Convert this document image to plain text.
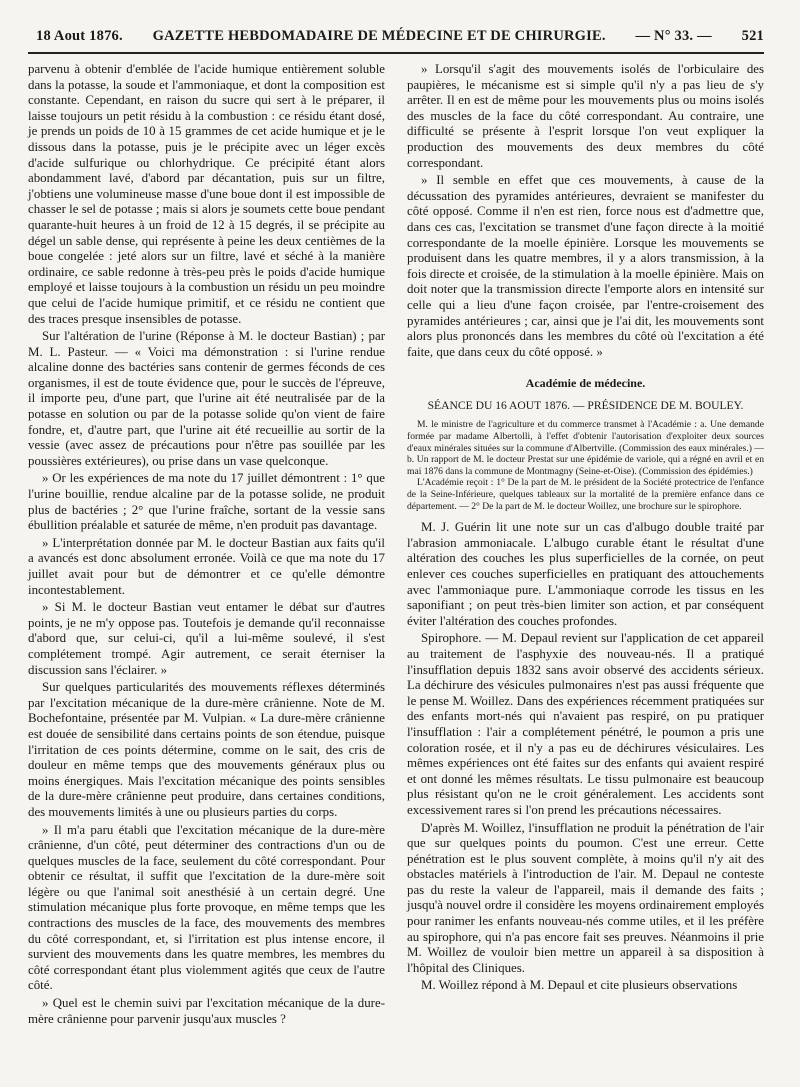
18 Aout 1876. GAZETTE HEBDOMADAIRE DE MÉDECINE ET DE CHIRURGIE. — N° 33. — 521

parvenu à obtenir d'emblée de l'acide humique entièrement soluble dans la potasse, la soude et l'ammoniaque, et dont la composition est constante. Cependant, en raison du sucre qui sert à le préparer, il laisse toujours un petit résidu à la combustion : ce résidu étant dosé, je prends un poids de 10 à 15 grammes de cet acide humique et je le dissous dans la potasse, puis je le précipite avec un léger excès d'acide sulfurique ou chlorhydrique. Ce précipité étant alors abondamment lavé, d'abord par décantation, puis sur un filtre, j'obtiens une volumineuse masse d'une boue dont il est impossible de chasser le sel de potasse ; mais si alors je soumets cette boue pendant quarante-huit heures à un froid de 12 à 15 degrés, il se précipite au dégel un sable dense, qui représente à peine les deux centièmes de la boue congelée : jeté alors sur un filtre, lavé et séché à la manière ordinaire, ce sable redonne à très-peu près le poids d'acide humique employé et laisse toujours à la combustion un résidu un peu moindre que celui de l'acide humique primitif, et ce résidu ne contient que des traces presque insensibles de potasse.

Sur l'altération de l'urine (Réponse à M. le docteur Bastian) ; par M. L. Pasteur. — « Voici ma démonstration : si l'urine rendue alcaline donne des bactéries sans contenir de germes féconds de ces organismes, il est de toute évidence que, pour le succès de l'épreuve, il importe peu, d'une part, que l'urine ait été neutralisée par de la potasse en solution ou par de la potasse solide qu'on vient de faire fondre, et, d'autre part, que l'urine ait été recueillie au sortir de la vessie (avec assez de précautions pour n'être pas souillée par les poussières extérieures), ou prise dans un vase quelconque.

» Or les expériences de ma note du 17 juillet démontrent : 1° que l'urine bouillie, rendue alcaline par de la potasse solide, ne produit plus de bactéries ; 2° que l'urine fraîche, sortant de la vessie sans ébullition préalable et saturée de même, n'en produit pas davantage.

» L'interprétation donnée par M. le docteur Bastian aux faits qu'il a avancés est donc absolument erronée. Voilà ce que ma note du 17 juillet avait pour but de démontrer et ce qu'elle démontre incontestablement.

» Si M. le docteur Bastian veut entamer le débat sur d'autres points, je ne m'y oppose pas. Toutefois je demande qu'il reconnaisse d'abord que, sur celui-ci, qu'il a lui-même soulevé, il s'est complétement trompé. Agir autrement, ce serait éterniser la discussion sans l'éclairer. »

Sur quelques particularités des mouvements réflexes déterminés par l'excitation mécanique de la dure-mère crânienne. Note de M. Bochefontaine, présentée par M. Vulpian. « La dure-mère crânienne est douée de sensibilité dans certains points de son étendue, puisque l'irritation de ces points détermine, comme on le sait, des cris de douleur en même temps que des mouvements généraux plus ou moins énergiques. Mais l'excitation mécanique des points sensibles de la dure-mère crânienne peut produire, dans certaines conditions, des mouvements limités à une ou plusieurs parties du corps.

» Il m'a paru établi que l'excitation mécanique de la dure-mère crânienne, d'un côté, peut déterminer des contractions d'un ou de quelques muscles de la face, seulement du côté correspondant. Pour obtenir ce résultat, il suffit que l'excitation de la dure-mère soit légère ou que l'animal soit anesthésié à un certain degré. Une stimulation mécanique plus forte provoque, en même temps que les contractions des muscles de la face, des mouvements des membres du côté correspondant, et, si l'irritation est plus intense encore, il survient des mouvements dans les quatre membres, les membres du côté correspondant étant plus violemment agités que ceux de l'autre côté.

» Quel est le chemin suivi par l'excitation mécanique de la dure-mère crânienne pour parvenir jusqu'aux muscles ?

» Lorsqu'il s'agit des mouvements isolés de l'orbiculaire des paupières, le mécanisme est si simple qu'il n'y a pas lieu de s'y arrêter. Il en est de même pour les mouvements plus ou moins isolés des muscles de la face du côté correspondant. Au contraire, une difficulté se présente à l'esprit lorsque l'on veut expliquer la production des mouvements des deux membres du côté correspondant.

» Il semble en effet que ces mouvements, à cause de la décussation des pyramides antérieures, devraient se manifester du côté opposé. Comme il n'en est rien, force nous est d'admettre que, dans ces cas, l'excitation se transmet d'une façon directe à la moitié correspondante de la moelle épinière. Lorsque les mouvements se produisent dans les quatre membres, il y a alors transmission, à la fois directe et croisée, de la stimulation à la moelle épinière. Mais on doit noter que la transmission directe l'emporte alors en intensité sur celle qui a lieu d'une façon croisée, par l'entre-croisement des pyramides antérieures ; car, ainsi que je l'ai dit, les mouvements sont alors plus prononcés dans les membres du côté où l'excitation a été faite, que dans ceux du côté opposé. »

Académie de médecine.
SÉANCE DU 16 AOUT 1876. — PRÉSIDENCE DE M. BOULEY.

M. le ministre de l'agriculture et du commerce transmet à l'Académie : a. Une demande formée par madame Albertolli, à l'effet d'obtenir l'autorisation d'exploiter deux sources d'eaux minérales situées sur la commune d'Albertville. (Commission des eaux minérales.) — b. Un rapport de M. le docteur Prestat sur une épidémie de variole, qui a régné en avril et en mai 1876 dans la commune de Montmagny (Seine-et-Oise). (Commission des épidémies.)

L'Académie reçoit : 1° De la part de M. le président de la Société protectrice de l'enfance de la Seine-Inférieure, quelques tableaux sur la mortalité de la première enfance dans ce département. — 2° De la part de M. le docteur Woillez, une brochure sur le spirophore.

M. J. Guérin lit une note sur un cas d'albugo double traité par l'abrasion ammoniacale. L'albugo curable étant le résultat d'une altération des couches les plus superficielles de la cornée, on peut enlever ces couches superficielles en pratiquant des attouchements avec l'ammoniaque pure. L'ammoniaque corrode les tissus en les saponifiant ; on peut très-bien limiter son action, et par conséquent éviter l'altération des couches profondes.

Spirophore. — M. Depaul revient sur l'application de cet appareil au traitement de l'asphyxie des nouveau-nés. Il a pratiqué l'insufflation depuis 1832 sans avoir observé des accidents sérieux. La déchirure des vésicules pulmonaires n'est pas aussi fréquente que le pense M. Woillez. Dans des expériences récemment pratiquées sur des enfants mort-nés qui n'avaient pas respiré, on pu pratiquer l'insufflation : l'air a complétement pénétré, le poumon a pris une coloration rosée, et il n'y a pas eu de déchirures vésiculaires. Les mêmes expériences ont été faites sur des enfants qui avaient respiré et ont donné les mêmes résultats. Le tissu pulmonaire est beaucoup plus résistant qu'on ne le croit généralement. Les accidents sont excessivement rares si l'on prend les précautions nécessaires.

D'après M. Woillez, l'insufflation ne produit la pénétration de l'air que sur quelques points du poumon. C'est une erreur. Cette pénétration est le plus souvent complète, à moins qu'il n'y ait des obstacles matériels à l'introduction de l'air. M. Depaul ne conteste pas du reste la valeur de l'appareil, mais il demande des faits ; jusqu'à nouvel ordre il considère les moyens ordinairement employés pour ranimer les enfants nouveau-nés comme utiles, et il les préfère au spirophore, qui n'a pas encore fait ses preuves. Néanmoins il prie M. Woillez de vouloir bien mettre un appareil à sa disposition à l'hôpital des Cliniques.

M. Woillez répond à M. Depaul et cite plusieurs observations
